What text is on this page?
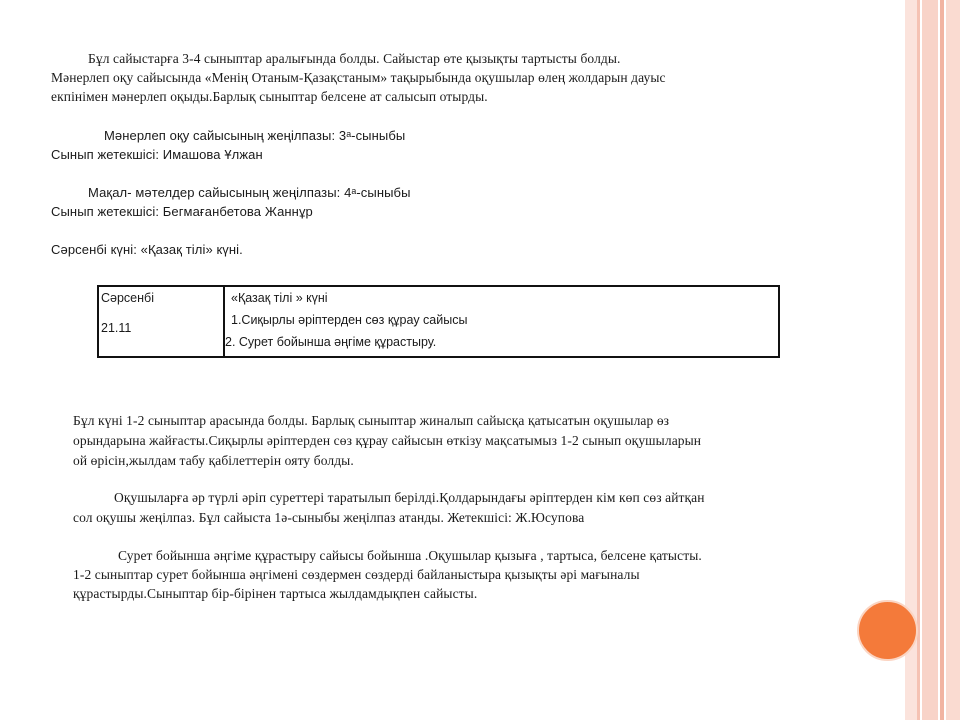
Бұл сайыстарға 3-4 сыныптар аралығында болды. Сайыстар өте қызықты тартысты болды.
Мәнерлеп оқу сайысында «Менің Отаным-Қазақстаным» тақырыбында оқушылар өлең жолдарын дауыс
екпінімен мәнерлеп оқыды.Барлық сыныптар белсене ат салысып отырды.
Мәнерлеп оқу сайысының жеңілпазы: 3ᵃ-сыныбы
Сынып жетекшісі: Имашова Ұлжан
Мақал- мәтелдер сайысының жеңілпазы: 4ᵃ-сыныбы
Сынып жетекшісі: Бегмағанбетова Жаннұр
Сәрсенбі күні: «Қазақ тілі» күні.
Сәрсенбі
21.11
«Қазақ тілі » күні
1.Сиқырлы әріптерден сөз құрау сайысы
2. Сурет бойынша әңгіме құрастыру.
Бұл күні 1-2 сыныптар арасында болды. Барлық сыныптар жиналып сайысқа қатысатын оқушылар өз
орындарына жайғасты.Сиқырлы әріптерден сөз құрау сайысын өткізу мақсатымыз 1-2 сынып оқушыларын
ой өрісін,жылдам табу қабілеттерін ояту болды.
Оқушыларға әр түрлі әріп суреттері таратылып берілді.Қолдарындағы әріптерден кім көп сөз айтқан
сол оқушы жеңілпаз. Бұл сайыста 1ә-сыныбы жеңілпаз атанды. Жетекшісі: Ж.Юсупова
Сурет бойынша әңгіме құрастыру сайысы бойынша .Оқушылар қызыға , тартыса, белсене қатысты.
1-2 сыныптар сурет бойынша әңгімені сөздермен сөздерді байланыстыра қызықты әрі мағыналы
құрастырды.Сыныптар бір-бірінен тартыса жылдамдықпен сайысты.
